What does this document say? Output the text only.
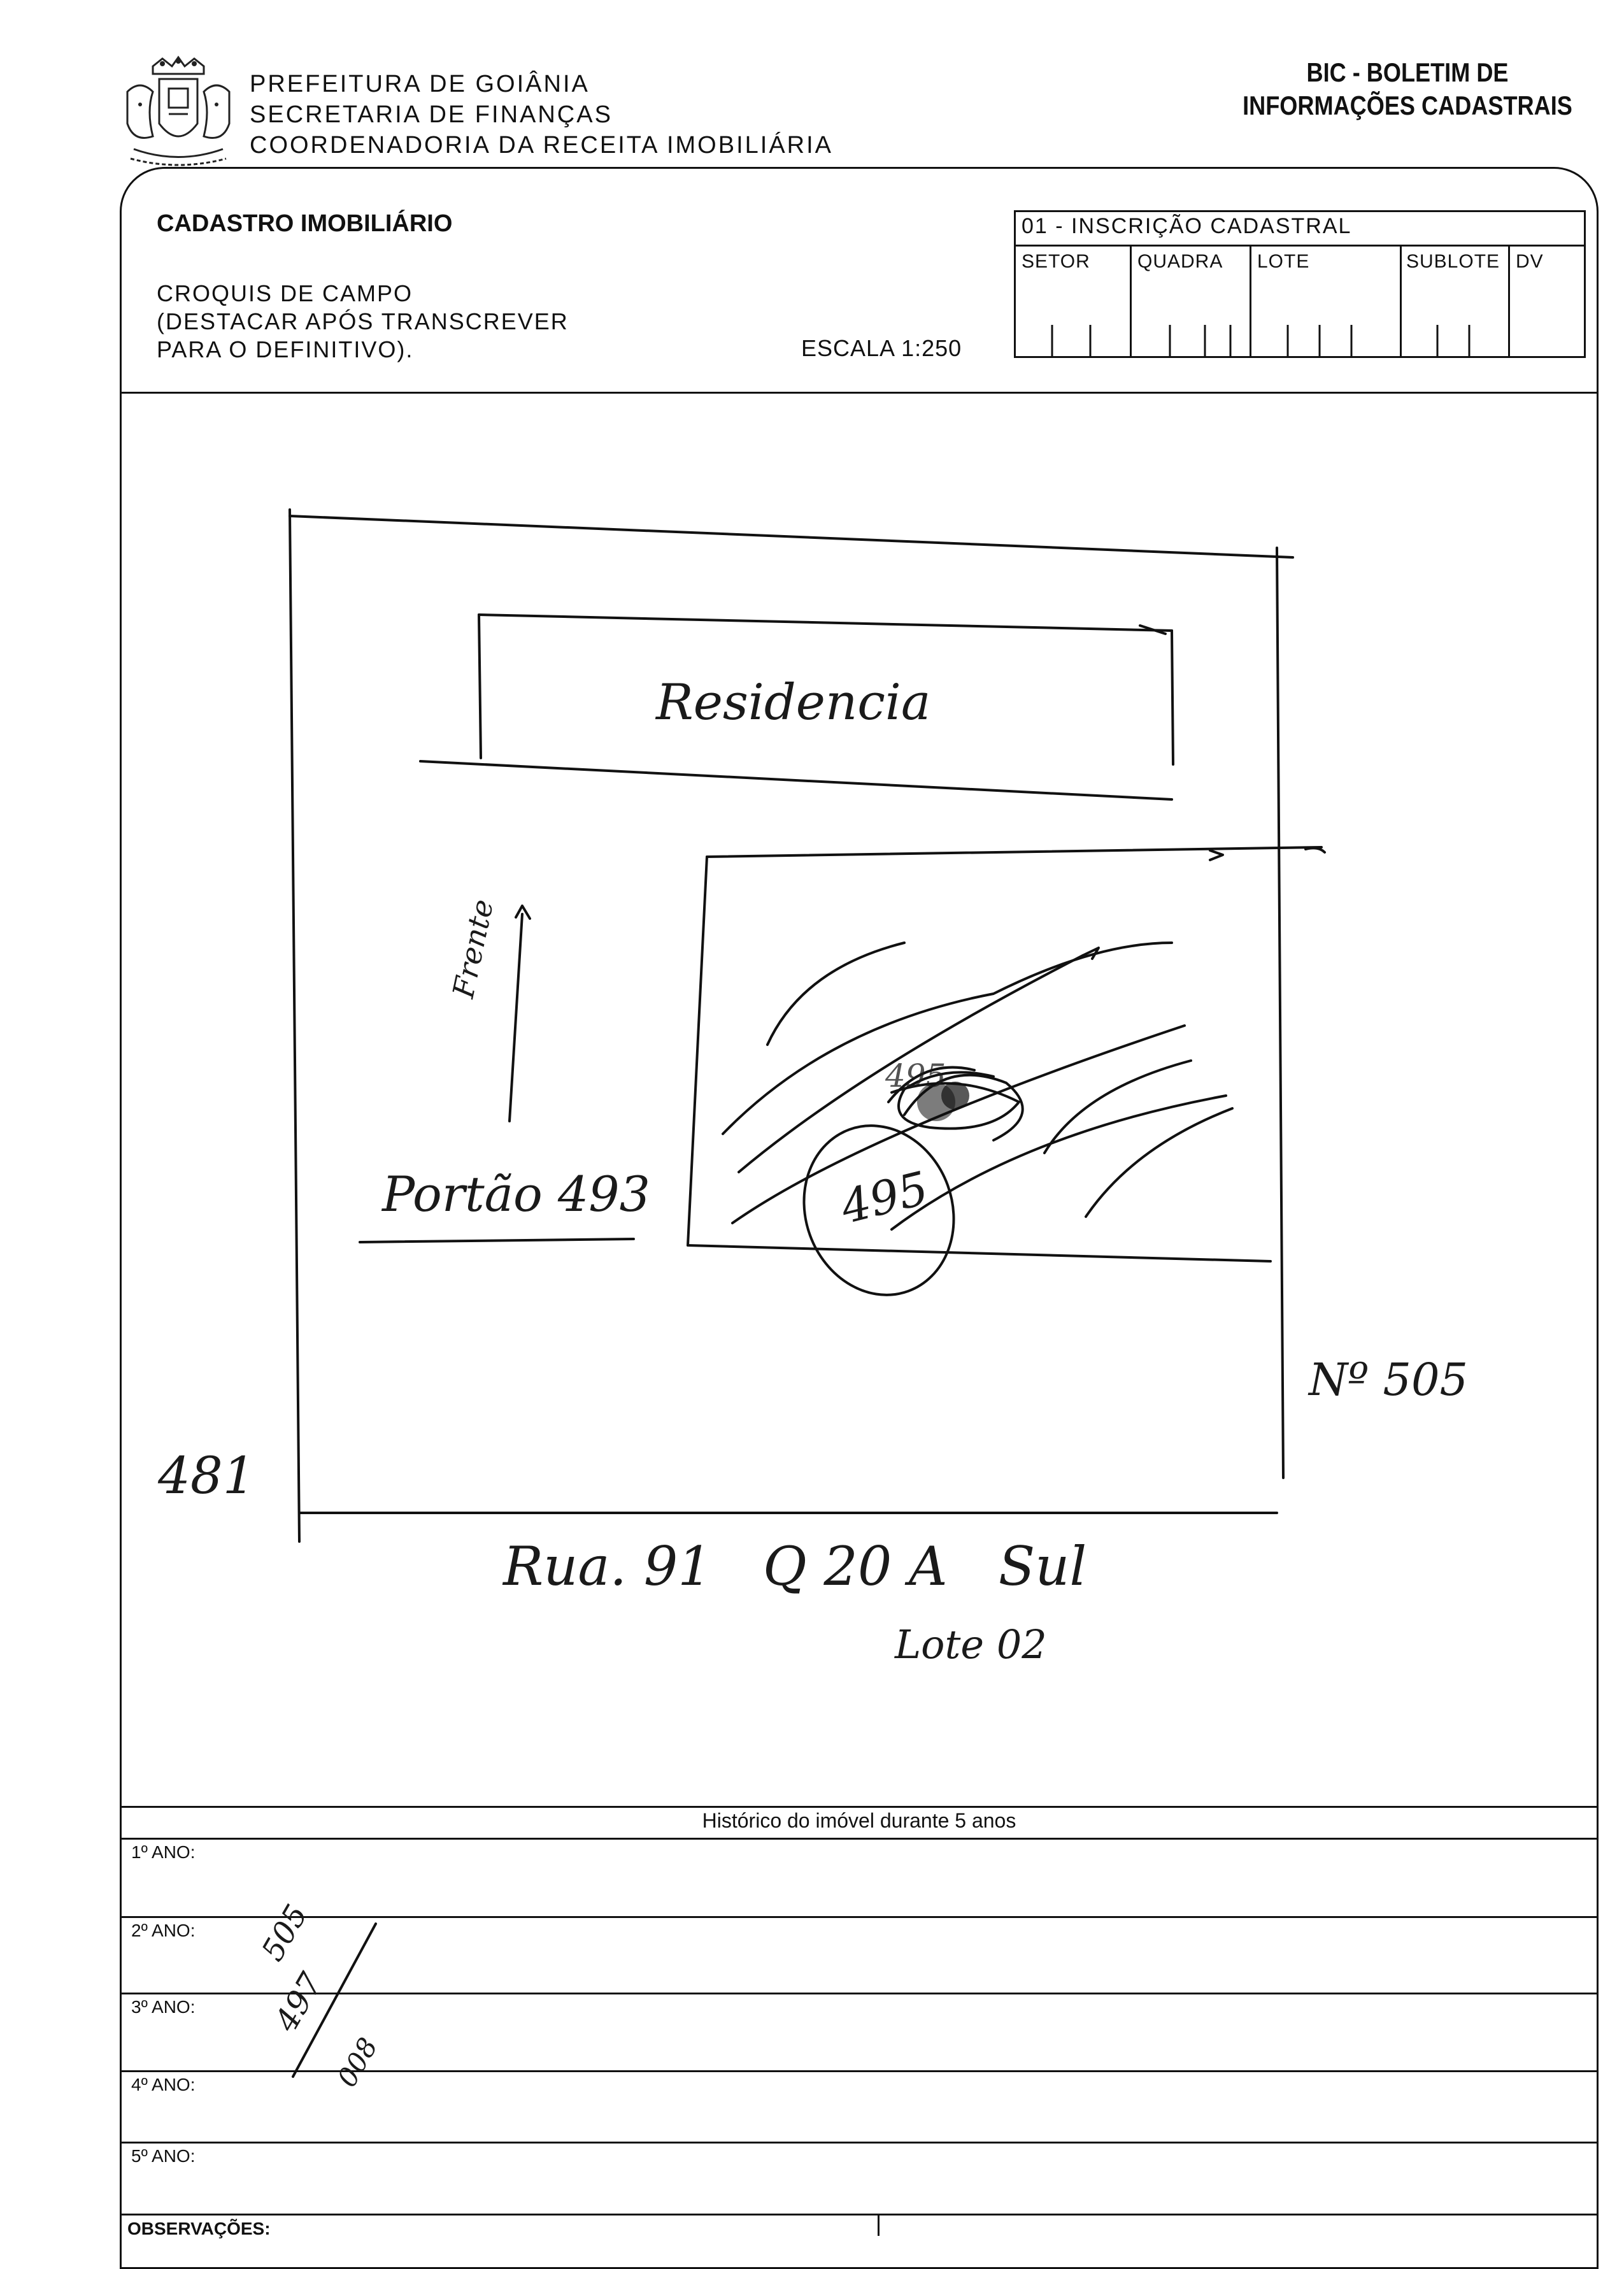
PREFEITURA DE GOIÂNIA
SECRETARIA DE FINANÇAS
COORDENADORIA DA RECEITA IMOBILIÁRIA
BIC - BOLETIM DE
INFORMAÇÕES CADASTRAIS
CADASTRO IMOBILIÁRIO
CROQUIS DE CAMPO
(DESTACAR APÓS TRANSCREVER
PARA O DEFINITIVO).	ESCALA 1:250
01 - INSCRIÇÃO CADASTRAL
SETOR QUADRA LOTE	SUBLOTE DV
Residencia
Frente
Portão 493
495
495
Nº 505
481
Rua. 91   Q 20 A   Sul
Lote 02
Histórico do imóvel durante 5 anos
1º ANO:
2º ANO:
3º ANO:
4º ANO:
5º ANO:
OBSERVAÇÕES:
505
497
008
